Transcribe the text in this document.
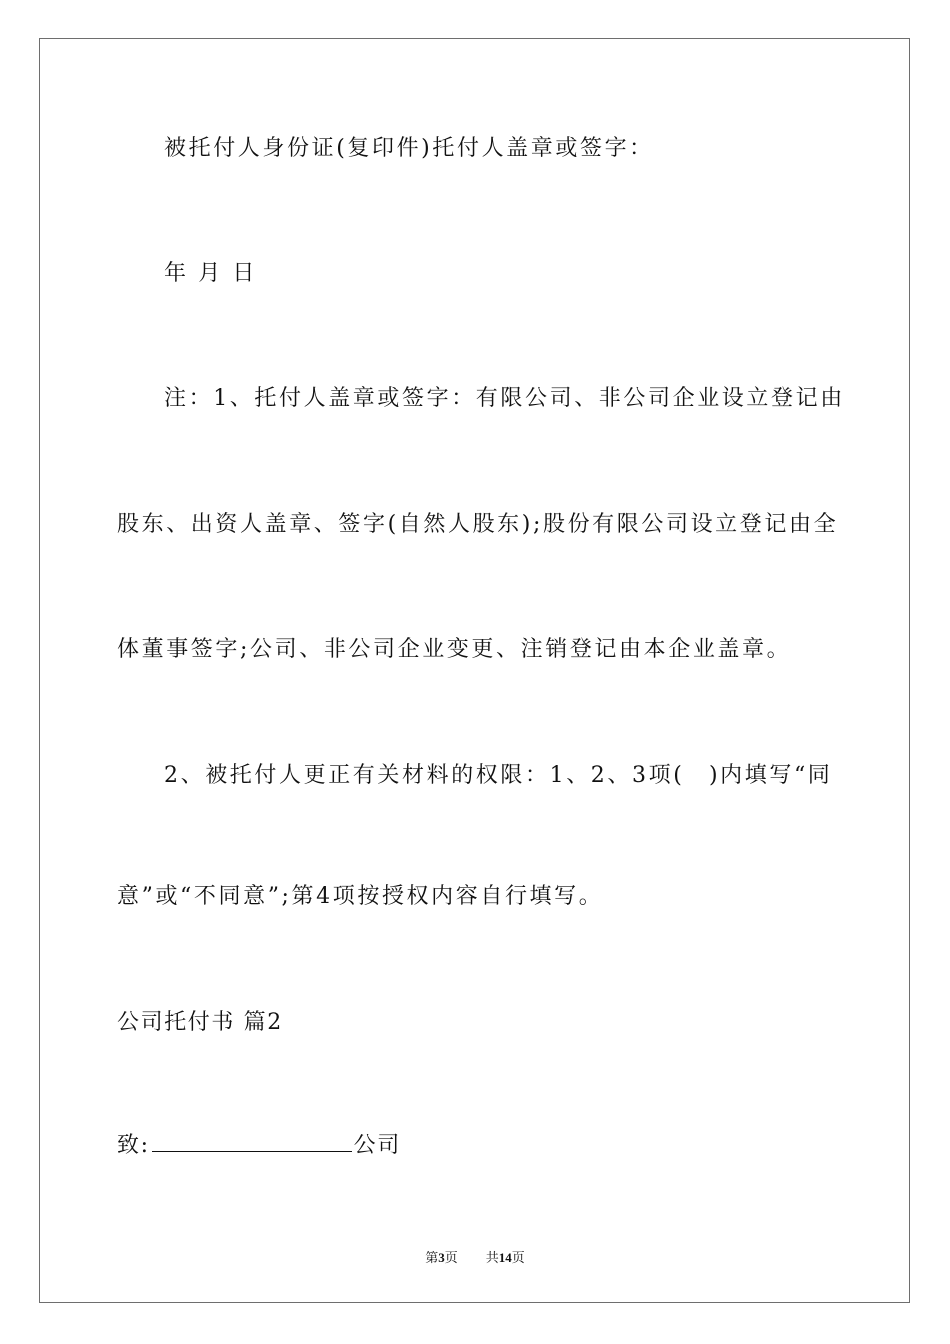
被托付人身份证(复印件)托付人盖章或签字：
年 月 日
注：1、托付人盖章或签字：有限公司、非公司企业设立登记由
股东、出资人盖章、签字(自然人股东);股份有限公司设立登记由全
体董事签字;公司、非公司企业变更、注销登记由本企业盖章。
2、被托付人更正有关材料的权限：1、2、3项(　)内填写“同
意”或“不同意”;第4项按授权内容自行填写。
公司托付书 篇2
致:	公司
第3页 共14页
